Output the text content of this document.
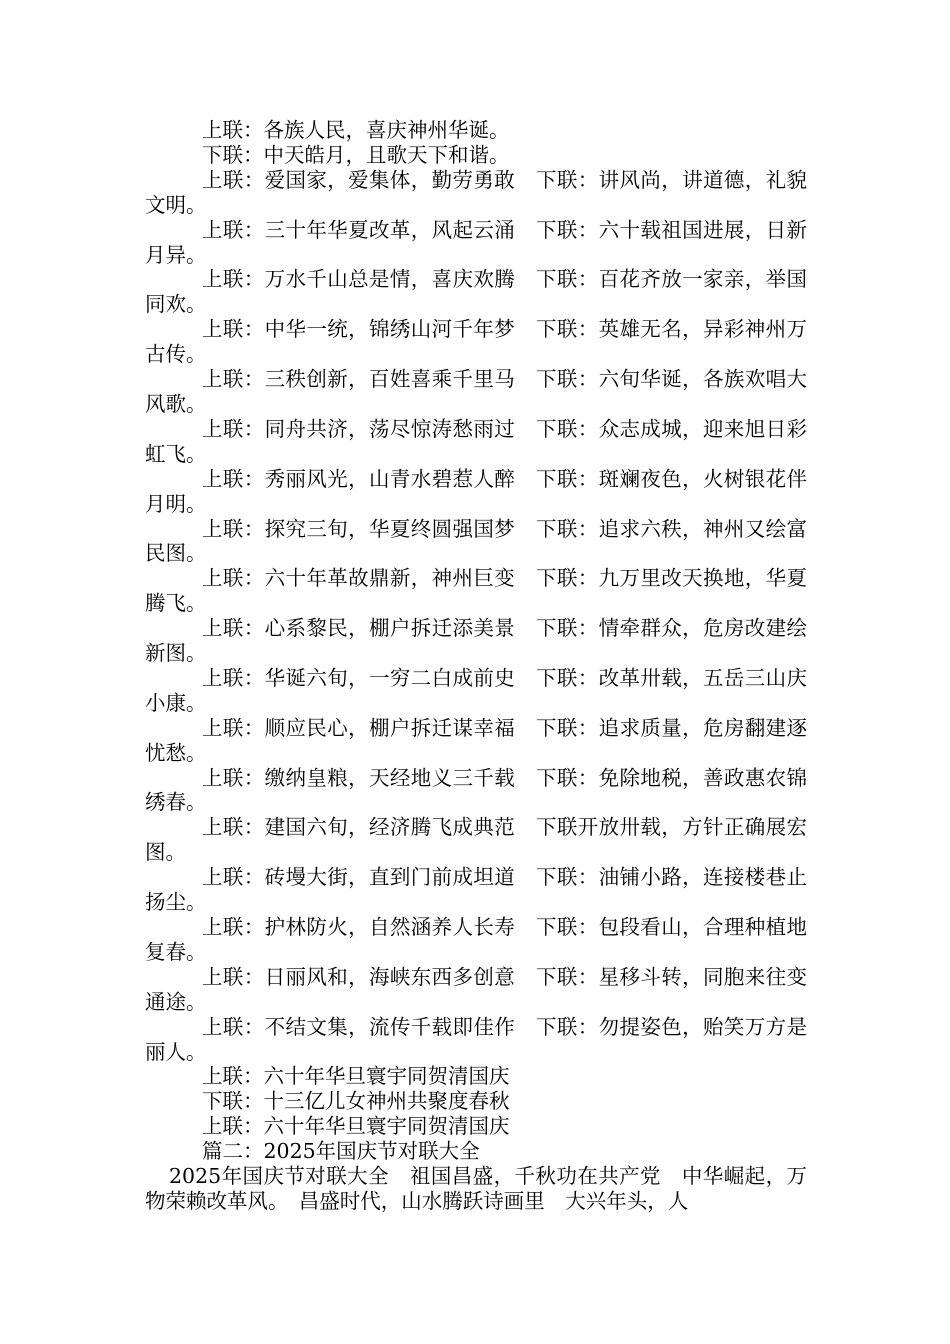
上联：各族人民，喜庆神州华诞。

下联：中天皓月，且歌天下和谐。

上联：爱国家，爱集体，勤劳勇敢　下联：讲风尚，讲道德，礼貌文明。

上联：三十年华夏改革，风起云涌　下联：六十载祖国进展，日新月异。

上联：万水千山总是情，喜庆欢腾　下联：百花齐放一家亲，举国同欢。

上联：中华一统，锦绣山河千年梦　下联：英雄无名，异彩神州万古传。

上联：三秩创新，百姓喜乘千里马　下联：六旬华诞，各族欢唱大风歌。

上联：同舟共济，荡尽惊涛愁雨过　下联：众志成城，迎来旭日彩虹飞。

上联：秀丽风光，山青水碧惹人醉　下联：斑斓夜色，火树银花伴月明。

上联：探究三旬，华夏终圆强国梦　下联：追求六秩，神州又绘富民图。

上联：六十年革故鼎新，神州巨变　下联：九万里改天换地，华夏腾飞。

上联：心系黎民，棚户拆迁添美景　下联：情牵群众，危房改建绘新图。

上联：华诞六旬，一穷二白成前史　下联：改革卅载，五岳三山庆小康。

上联：顺应民心，棚户拆迁谋幸福　下联：追求质量，危房翻建逐忧愁。

上联：缴纳皇粮，天经地义三千载　下联：免除地税，善政惠农锦绣春。

上联：建国六旬，经济腾飞成典范　下联开放卅载，方针正确展宏图。

上联：砖墁大街，直到门前成坦道　下联：油铺小路，连接楼巷止扬尘。

上联：护林防火，自然涵养人长寿　下联：包段看山，合理种植地复春。

上联：日丽风和，海峡东西多创意　下联：星移斗转，同胞来往变通途。

上联：不结文集，流传千载即佳作　下联：勿提姿色，贻笑万方是丽人。

上联：六十年华旦寰宇同贺清国庆

下联：十三亿儿女神州共聚度春秋

上联：六十年华旦寰宇同贺清国庆

篇二：2025年国庆节对联大全

2025年国庆节对联大全　祖国昌盛，千秋功在共产党　中华崛起，万物荣赖改革风。　昌盛时代，山水腾跃诗画里　大兴年头，人
